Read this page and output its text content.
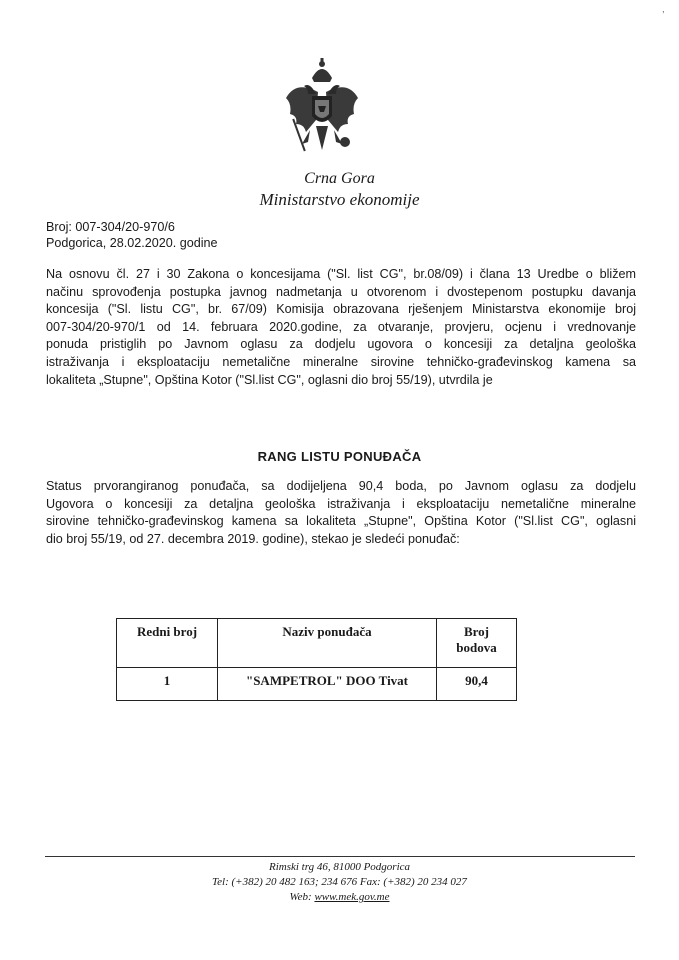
,
Crna Gora
Ministarstvo ekonomije
Broj: 007-304/20-970/6
Podgorica, 28.02.2020. godine
Na osnovu čl. 27 i 30 Zakona o koncesijama ("Sl. list CG", br.08/09) i člana 13 Uredbe o bližem
načinu sprovođenja postupka javnog nadmetanja u otvorenom i dvostepenom postupku davanja
koncesija ("Sl. listu CG", br. 67/09) Komisija obrazovana rješenjem Ministarstva ekonomije broj
007-304/20-970/1 od 14. februara 2020.godine, za otvaranje, provjeru, ocjenu i vrednovanje
ponuda pristiglih po Javnom oglasu za dodjelu ugovora o koncesiji za detaljna geološka
istraživanja i eksploataciju nemetalične mineralne sirovine tehničko-građevinskog kamena sa
lokaliteta „Stupne", Opština Kotor ("Sl.list CG", oglasni dio broj 55/19), utvrdila je
RANG LISTU PONUĐAČA
Status prvorangiranog ponuđača, sa dodijeljena 90,4 boda, po Javnom oglasu za dodjelu
Ugovora o koncesiji za detaljna geološka istraživanja i eksploataciju nemetalične mineralne
sirovine tehničko-građevinskog kamena sa lokaliteta „Stupne", Opština Kotor ("Sl.list CG", oglasni
dio broj 55/19, od 27. decembra 2019. godine), stekao je sledeći ponuđač:
Redni broj	Naziv ponuđača	Broj
bodova

1	"SAMPETROL" DOO Tivat	90,4
Rimski trg 46, 81000 Podgorica
Tel: (+382) 20 482 163; 234 676 Fax: (+382) 20 234 027
Web: www.mek.gov.me
